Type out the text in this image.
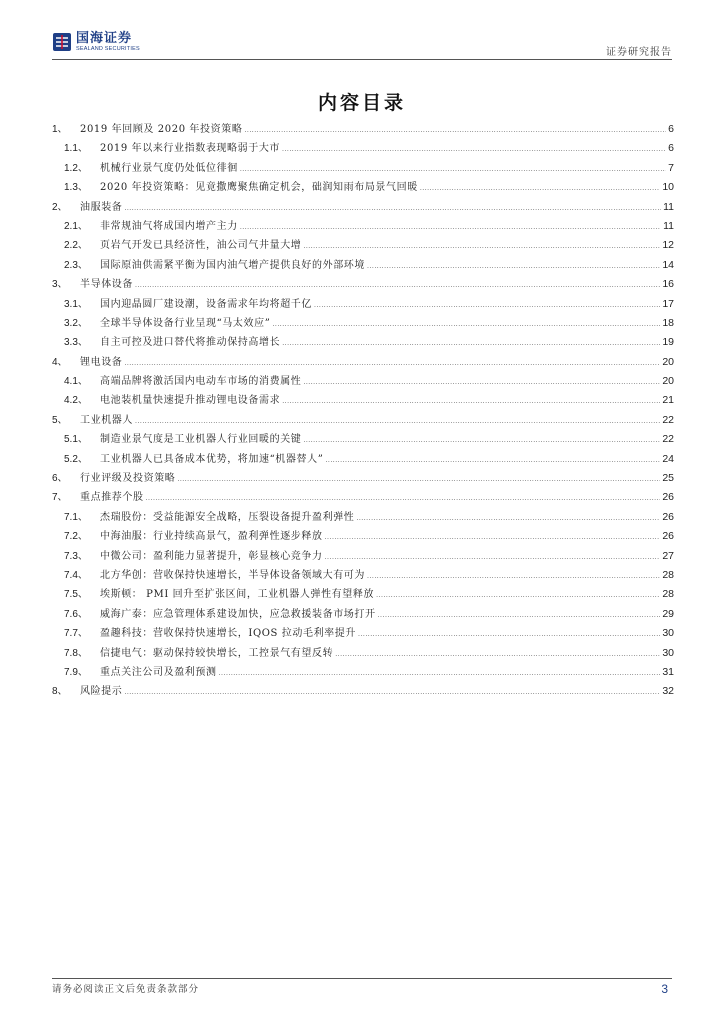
国海证券
SEALAND SECURITIES	证券研究报告
内容目录
1、	2019 年回顾及 2020 年投资策略 .....	6
1.1、	2019 年以来行业指数表现略弱于大市 .....	6
1.2、	机械行业景气度仍处低位徘徊 .....	7
1.3、	2020 年投资策略：见竟撒鹰聚焦确定机会，础润知雨布局景气回暖 .....	10
2、	油服装备 .....	11
2.1、	非常规油气将成国内增产主力 .....	11
2.2、	页岩气开发已具经济性，油公司气井量大增 .....	12
2.3、	国际原油供需紧平衡为国内油气增产提供良好的外部环境 .....	14
3、	半导体设备 .....	16
3.1、	国内迎晶圆厂建设潮，设备需求年均将超千亿 .....	17
3.2、	全球半导体设备行业呈现“马太效应” .....	18
3.3、	自主可控及进口替代将推动保持高增长 .....	19
4、	锂电设备 .....	20
4.1、	高端品牌将激活国内电动车市场的消费属性 .....	20
4.2、	电池装机量快速提升推动锂电设备需求 .....	21
5、	工业机器人 .....	22
5.1、	制造业景气度是工业机器人行业回暖的关键 .....	22
5.2、	工业机器人已具备成本优势，将加速“机器替人” .....	24
6、	行业评级及投资策略 .....	25
7、	重点推荐个股 .....	26
7.1、	杰瑞股份：受益能源安全战略，压裂设备提升盈利弹性 .....	26
7.2、	中海油服：行业持续高景气，盈利弹性逐步释放 .....	26
7.3、	中微公司：盈利能力显著提升，彰显核心竞争力 .....	27
7.4、	北方华创：营收保持快速增长，半导体设备领域大有可为 .....	28
7.5、	埃斯顿： PMI 回升至扩张区间，工业机器人弹性有望释放 .....	28
7.6、	威海广泰：应急管理体系建设加快，应急救援装备市场打开 .....	29
7.7、	盈趣科技：营收保持快速增长，IQOS 拉动毛利率提升 .....	30
7.8、	信捷电气：驱动保持较快增长，工控景气有望反转 .....	30
7.9、	重点关注公司及盈利预测 .....	31
8、	风险提示 .....	32
请务必阅读正文后免责条款部分	3
